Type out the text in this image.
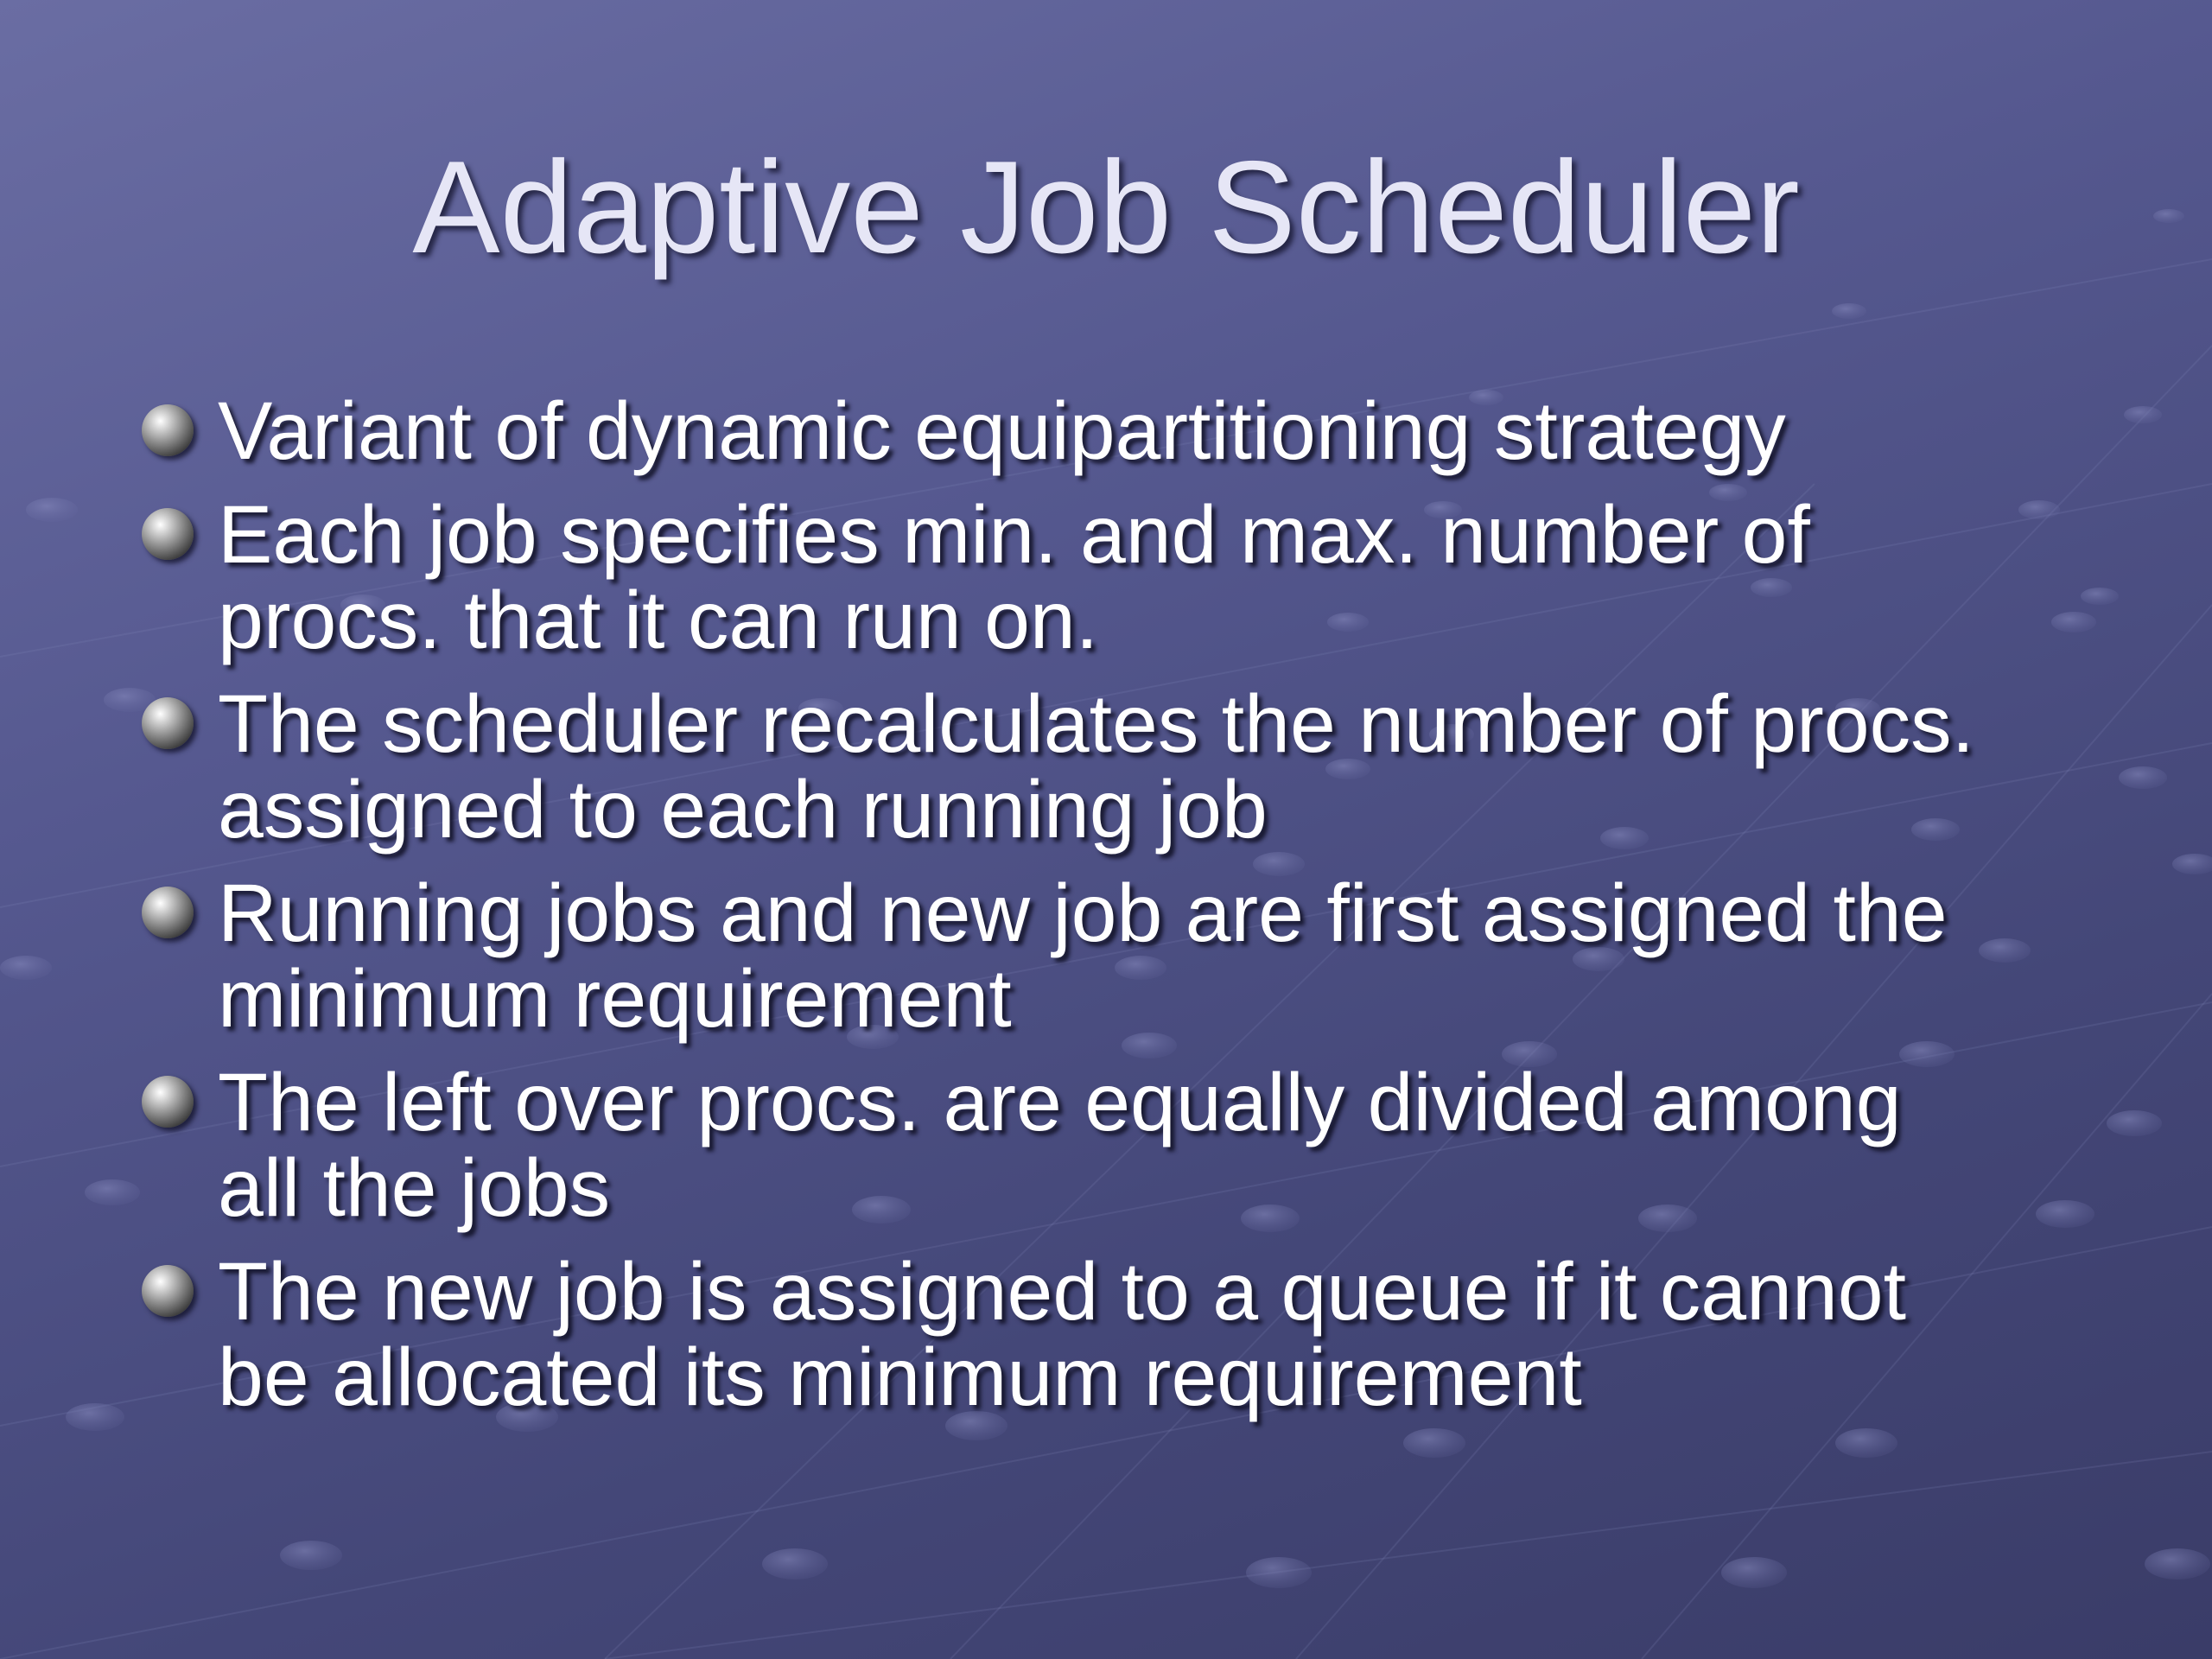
Adaptive Job Scheduler
Variant of dynamic equipartitioning strategy
Each job specifies min. and max. number of
procs. that it can run on.
The scheduler recalculates the number of procs.
assigned to each running job
Running jobs and new job are first assigned the
minimum requirement
The left over procs. are equally divided among
all the jobs
The new job is assigned to a queue if it cannot
be allocated its minimum requirement
